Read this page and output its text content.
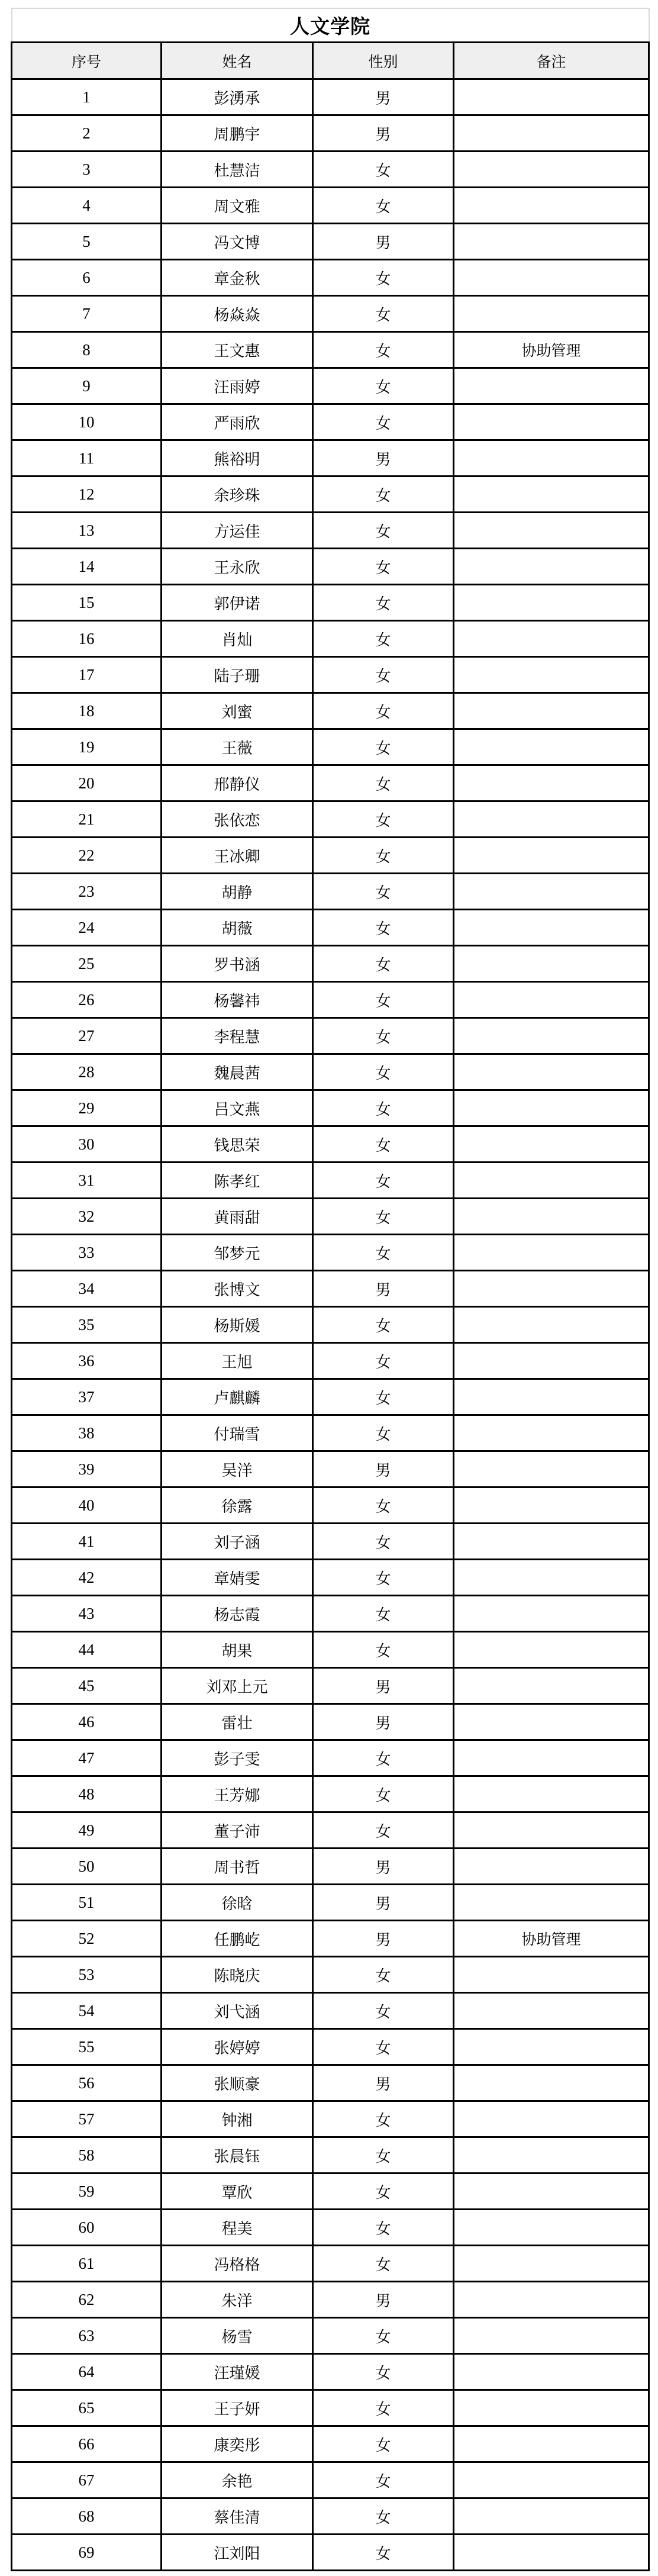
人文学院			
序号	姓名	性别	备注
1	彭湧承	男	
2	周鹏宇	男	
3	杜慧洁	女	
4	周文雅	女	
5	冯文博	男	
6	章金秋	女	
7	杨焱焱	女	
8	王文惠	女	协助管理
9	汪雨婷	女	
10	严雨欣	女	
11	熊裕明	男	
12	余珍珠	女	
13	方运佳	女	
14	王永欣	女	
15	郭伊诺	女	
16	肖灿	女	
17	陆子珊	女	
18	刘蜜	女	
19	王薇	女	
20	邢静仪	女	
21	张依恋	女	
22	王冰卿	女	
23	胡静	女	
24	胡薇	女	
25	罗书涵	女	
26	杨馨祎	女	
27	李程慧	女	
28	魏晨茜	女	
29	吕文燕	女	
30	钱思荣	女	
31	陈孝红	女	
32	黄雨甜	女	
33	邹梦元	女	
34	张博文	男	
35	杨斯媛	女	
36	王旭	女	
37	卢麒麟	女	
38	付瑞雪	女	
39	吴洋	男	
40	徐露	女	
41	刘子涵	女	
42	章婧雯	女	
43	杨志霞	女	
44	胡果	女	
45	刘邓上元	男	
46	雷壮	男	
47	彭子雯	女	
48	王芳娜	女	
49	董子沛	女	
50	周书哲	男	
51	徐晗	男	
52	任鹏屹	男	协助管理
53	陈晓庆	女	
54	刘弋涵	女	
55	张婷婷	女	
56	张顺豪	男	
57	钟湘	女	
58	张晨钰	女	
59	覃欣	女	
60	程美	女	
61	冯格格	女	
62	朱洋	男	
63	杨雪	女	
64	汪瑾媛	女	
65	王子妍	女	
66	康奕彤	女	
67	余艳	女	
68	蔡佳清	女	
69	江刘阳	女	
